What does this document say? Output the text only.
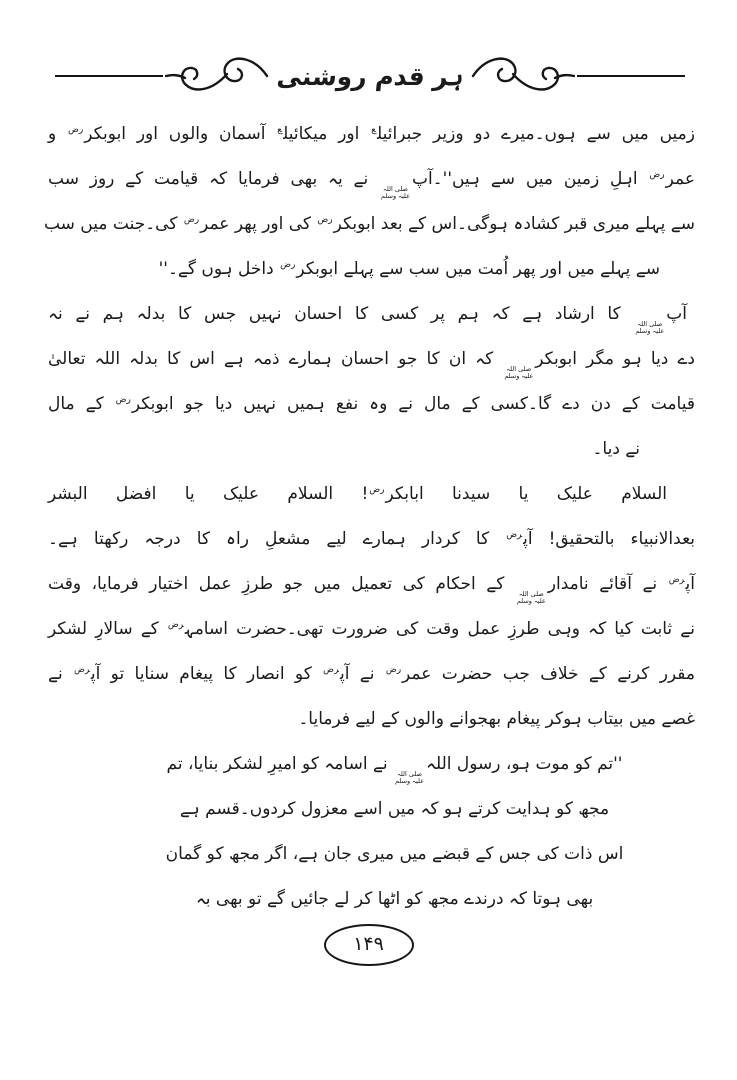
ہر قدم روشنی
زمیں میں سے ہوں۔میرے دو وزیر جبرائیل$^ع$ اور میکائیل$^ع$ آسمان والوں اور ابوبکر$^{رض}$ و
عمر$^{رض}$ اہلِ زمین میں سے ہیں''۔آپ
صلی اللہ
علیہ وسلم
نے یہ بھی فرمایا کہ قیامت کے روز سب
سے پہلے میری قبر کشادہ ہوگی۔اس کے بعد ابوبکر$^{رض}$ کی اور پھر عمر$^{رض}$ کی۔جنت میں سب
سے پہلے میں اور پھر اُمت میں سب سے پہلے ابوبکر$^{رض}$ داخل ہوں گے۔''
آپ
صلی اللہ
علیہ وسلم
کا ارشاد ہے کہ ہم پر کسی کا احسان نہیں جس کا بدلہ ہم نے نہ
دے دیا ہو مگر ابوبکر
صلی اللہ
علیہ وسلم
کہ ان کا جو احسان ہمارے ذمہ ہے اس کا بدلہ اللہ تعالیٰ
قیامت کے دن دے گا۔کسی کے مال نے وہ نفع ہمیں نہیں دیا جو ابوبکر$^{رض}$ کے مال
نے دیا۔
السلام علیک یا سیدنا ابابکر$^{رض}$! السلام علیک یا افضل البشر
بعدالانبیاء بالتحقیق! آپ$^{رض}$ کا کردار ہمارے لیے مشعلِ راہ کا درجہ رکھتا ہے۔
آپ$^{رض}$ نے آقائے نامدار
صلی اللہ
علیہ وسلم
کے احکام کی تعمیل میں جو طرزِ عمل اختیار فرمایا، وقت
نے ثابت کیا کہ وہی طرزِ عمل وقت کی ضرورت تھی۔حضرت اسامہ$^{رض}$ کے سالارِ لشکر
مقرر کرنے کے خلاف جب حضرت عمر$^{رض}$ نے آپ$^{رض}$ کو انصار کا پیغام سنایا تو آپ$^{رض}$ نے
غصے میں بیتاب ہوکر پیغام بھجوانے والوں کے لیے فرمایا۔
''تم کو موت ہو، رسول اللہ
صلی اللہ
علیہ وسلم
نے اسامہ کو امیرِ لشکر بنایا، تم
مجھ کو ہدایت کرتے ہو کہ میں اسے معزول کردوں۔قسم ہے
اس ذات کی جس کے قبضے میں میری جان ہے، اگر مجھ کو گمان
بھی ہوتا کہ درندے مجھ کو اٹھا کر لے جائیں گے تو بھی بہ
۱۴۹
